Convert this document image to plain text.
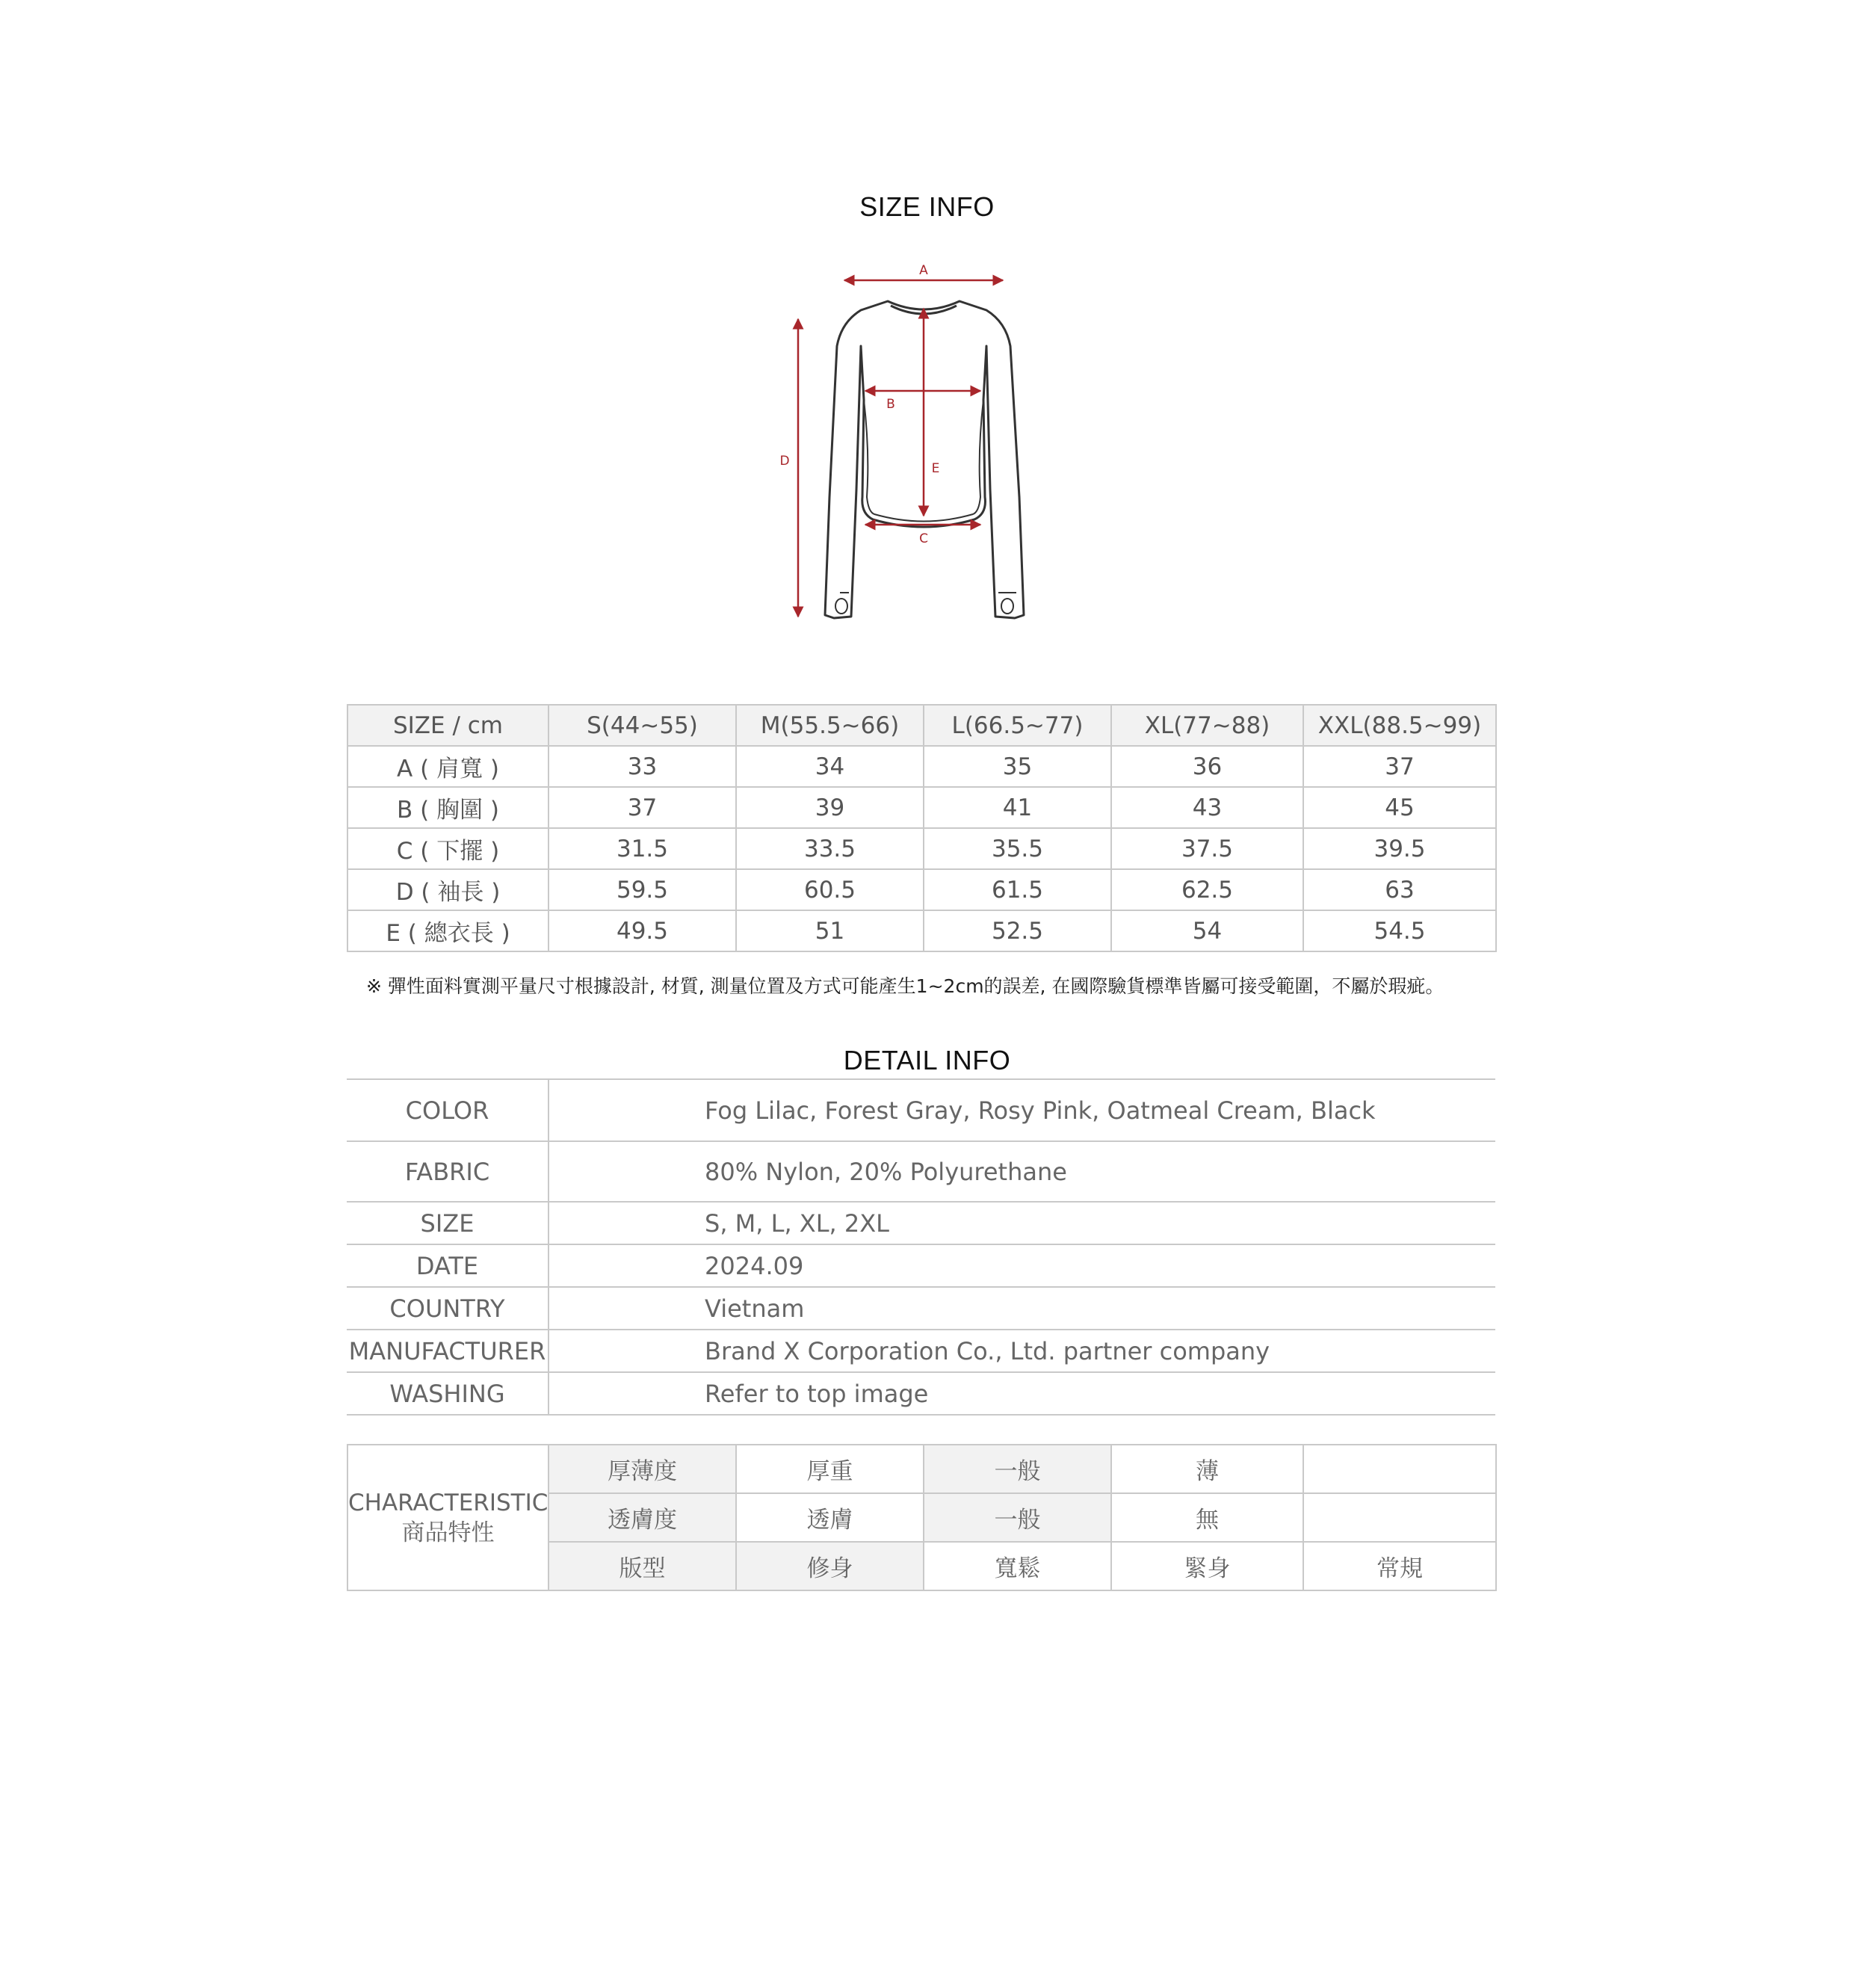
SIZE INFO
A
B
C
D	E
SIZE / cm	S(44~55)	M(55.5~66)	L(66.5~77)	XL(77~88)	XXL(88.5~99)
A ( 肩寬 )	33	34	35	36	37
B ( 胸圍 )	37	39	41	43	45
C ( 下擺 )	31.5	33.5	35.5	37.5	39.5
D ( 袖長 )	59.5	60.5	61.5	62.5	63
E ( 總衣長 )	49.5	51	52.5	54	54.5
※ 彈性面料實測平量尺寸根據設計, 材質, 測量位置及方式可能產生1~2cm的誤差, 在國際驗貨標準皆屬可接受範圍，不屬於瑕疵。
DETAIL INFO
COLOR	Fog Lilac, Forest Gray, Rosy Pink, Oatmeal Cream, Black
FABRIC	80% Nylon, 20% Polyurethane
SIZE	S, M, L, XL, 2XL
DATE	2024.09
COUNTRY	Vietnam
MANUFACTURER	Brand X Corporation Co., Ltd. partner company
WASHING	Refer to top image
CHARACTERISTIC
商品特性	厚薄度	厚重	一般	薄	
	透膚度	透膚	一般	無	
	版型	修身	寬鬆	緊身	常規
